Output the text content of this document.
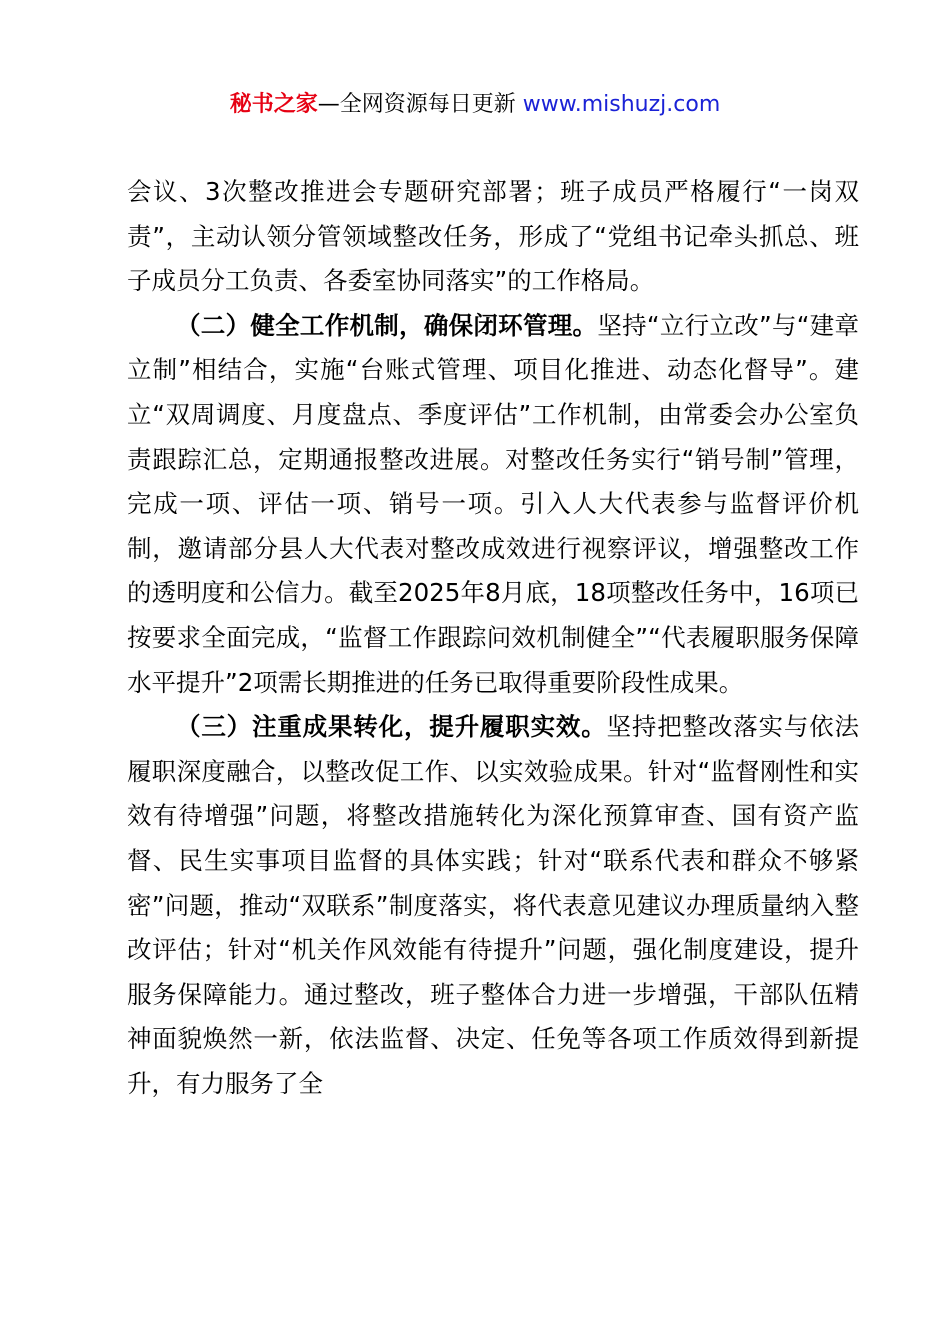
秘书之家—全网资源每日更新 www.mishuzj.com

会议、3次整改推进会专题研究部署；班子成员严格履行“一岗双责”，主动认领分管领域整改任务，形成了“党组书记牵头抓总、班子成员分工负责、各委室协同落实”的工作格局。

（二）健全工作机制，确保闭环管理。坚持“立行立改”与“建章立制”相结合，实施“台账式管理、项目化推进、动态化督导”。建立“双周调度、月度盘点、季度评估”工作机制，由常委会办公室负责跟踪汇总，定期通报整改进展。对整改任务实行“销号制”管理，完成一项、评估一项、销号一项。引入人大代表参与监督评价机制，邀请部分县人大代表对整改成效进行视察评议，增强整改工作的透明度和公信力。截至2025年8月底，18项整改任务中，16项已按要求全面完成，“监督工作跟踪问效机制健全”“代表履职服务保障水平提升”2项需长期推进的任务已取得重要阶段性成果。

（三）注重成果转化，提升履职实效。坚持把整改落实与依法履职深度融合，以整改促工作、以实效验成果。针对“监督刚性和实效有待增强”问题，将整改措施转化为深化预算审查、国有资产监督、民生实事项目监督的具体实践；针对“联系代表和群众不够紧密”问题，推动“双联系”制度落实，将代表意见建议办理质量纳入整改评估；针对“机关作风效能有待提升”问题，强化制度建设，提升服务保障能力。通过整改，班子整体合力进一步增强，干部队伍精神面貌焕然一新，依法监督、决定、任免等各项工作质效得到新提升，有力服务了全
